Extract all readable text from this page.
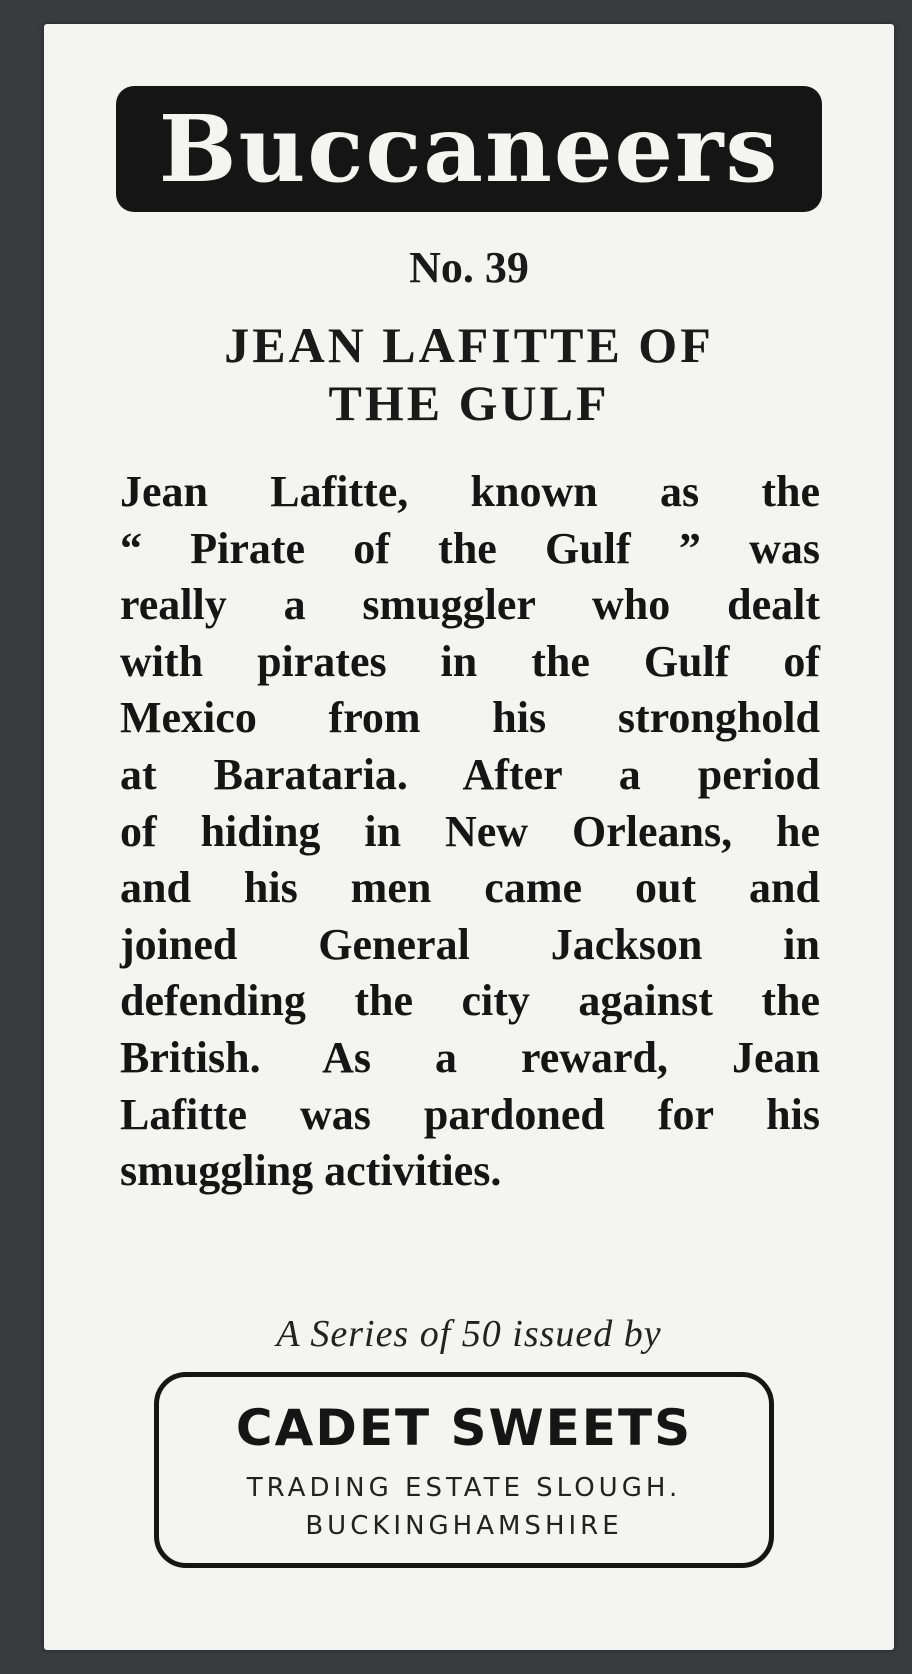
Buccaneers
No. 39
JEAN LAFITTE OF
THE GULF
Jean Lafitte, known as the
“ Pirate of the Gulf ” was
really a smuggler who dealt
with pirates in the Gulf of
Mexico from his stronghold
at Barataria. After a period
of hiding in New Orleans, he
and his men came out and
joined General Jackson in
defending the city against the
British. As a reward, Jean
Lafitte was pardoned for his
smuggling activities.
A Series of 50 issued by
CADET SWEETS
TRADING ESTATE SLOUGH.
BUCKINGHAMSHIRE
